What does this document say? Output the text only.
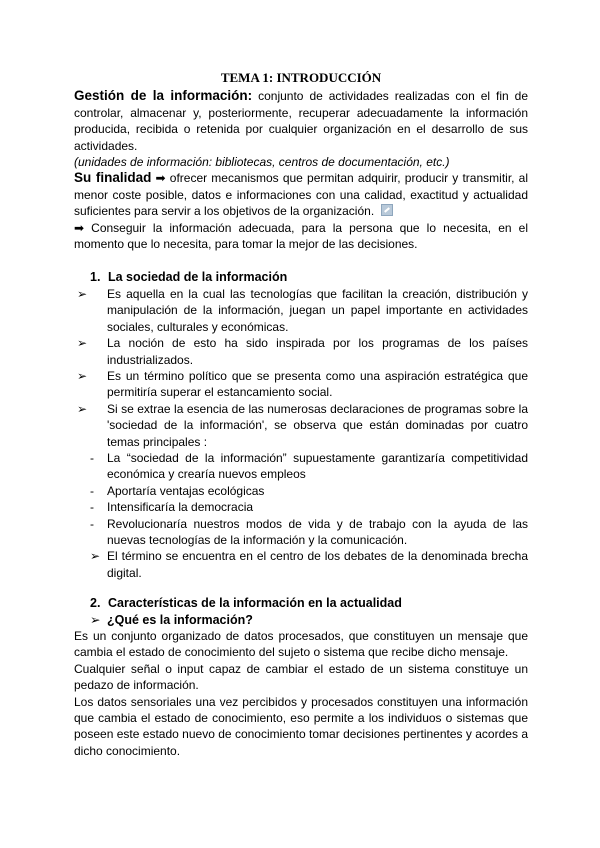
TEMA 1: INTRODUCCIÓN

Gestión de la información: conjunto de actividades realizadas con el fin de controlar, almacenar y, posteriormente, recuperar adecuadamente la información producida, recibida o retenida por cualquier organización en el desarrollo de sus actividades.

(unidades de información: bibliotecas, centros de documentación, etc.)

Su finalidad ➡ ofrecer mecanismos que permitan adquirir, producir y transmitir, al menor coste posible, datos e informaciones con una calidad, exactitud y actualidad suficientes para servir a los objetivos de la organización.

➡ Conseguir la información adecuada, para la persona que lo necesita, en el momento que lo necesita, para tomar la mejor de las decisiones.

1. La sociedad de la información
➢	Es aquella en la cual las tecnologías que facilitan la creación, distribución y manipulación de la información, juegan un papel importante en actividades sociales, culturales y económicas.
➢	La noción de esto ha sido inspirada por los programas de los países industrializados.
➢	Es un término político que se presenta como una aspiración estratégica que permitiría superar el estancamiento social.
➢	Si se extrae la esencia de las numerosas declaraciones de programas sobre la 'sociedad de la información', se observa que están dominadas por cuatro temas principales :
-	La “sociedad de la información” supuestamente garantizaría competitividad económica y crearía nuevos empleos
-	Aportaría ventajas ecológicas
-	Intensificaría la democracia
-	Revolucionaría nuestros modos de vida y de trabajo con la ayuda de las nuevas tecnologías de la información y la comunicación.
➢ El término se encuentra en el centro de los debates de la denominada brecha digital.
2. Características de la información en la actualidad
➢ ¿Qué es la información?

Es un conjunto organizado de datos procesados, que constituyen un mensaje que cambia el estado de conocimiento del sujeto o sistema que recibe dicho mensaje.

Cualquier señal o input capaz de cambiar el estado de un sistema constituye un pedazo de información.

Los datos sensoriales una vez percibidos y procesados constituyen una información que cambia el estado de conocimiento, eso permite a los individuos o sistemas que poseen este estado nuevo de conocimiento tomar decisiones pertinentes y acordes a dicho conocimiento.
